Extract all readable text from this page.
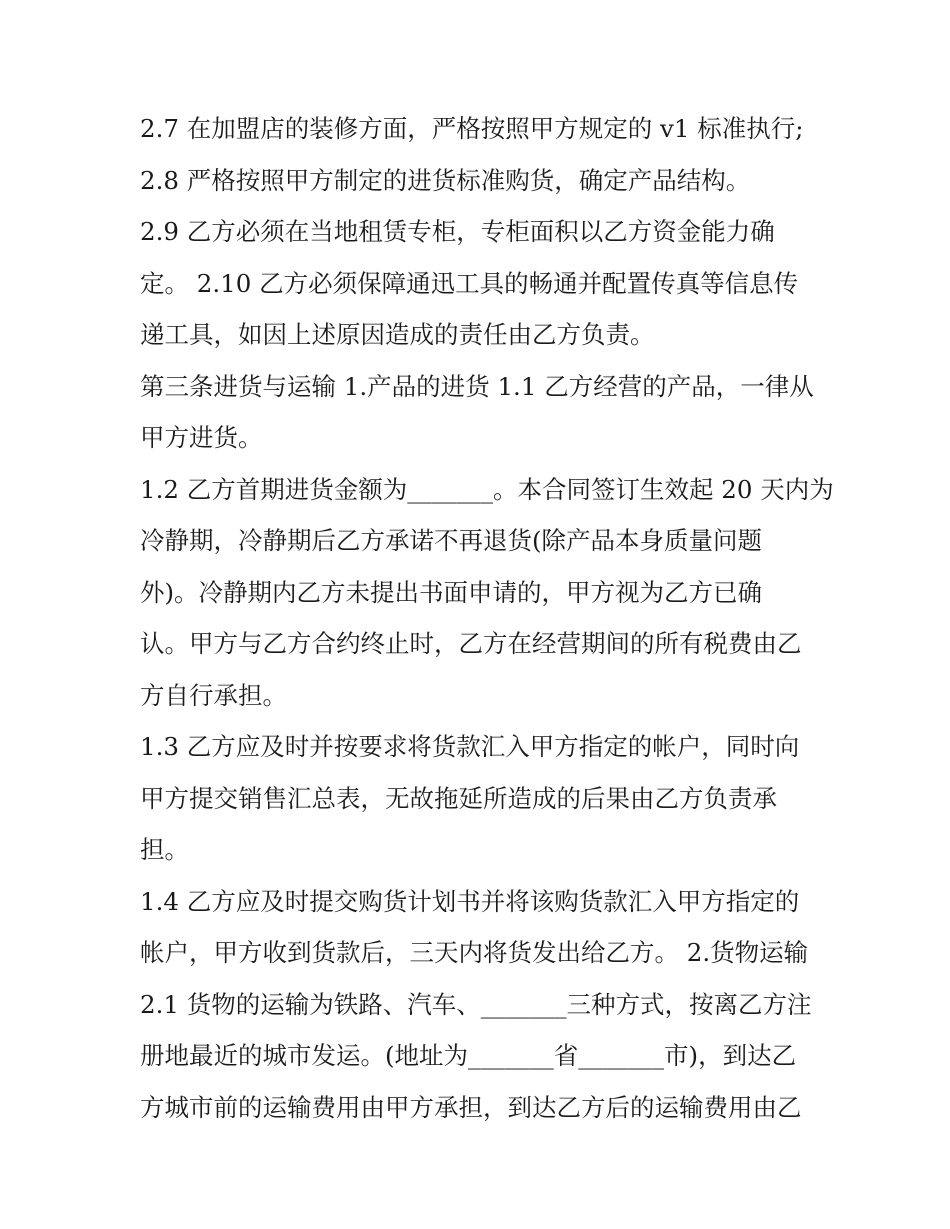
2.7 在加盟店的装修方面，严格按照甲方规定的 v1 标准执行;
2.8 严格按照甲方制定的进货标准购货，确定产品结构。
2.9 乙方必须在当地租赁专柜，专柜面积以乙方资金能力确
定。 2.10 乙方必须保障通迅工具的畅通并配置传真等信息传
递工具，如因上述原因造成的责任由乙方负责。
第三条进货与运输 1.产品的进货 1.1 乙方经营的产品，一律从
甲方进货。
1.2 乙方首期进货金额为_______。本合同签订生效起 20 天内为
冷静期，冷静期后乙方承诺不再退货(除产品本身质量问题
外)。冷静期内乙方未提出书面申请的，甲方视为乙方已确
认。甲方与乙方合约终止时，乙方在经营期间的所有税费由乙
方自行承担。
1.3 乙方应及时并按要求将货款汇入甲方指定的帐户，同时向
甲方提交销售汇总表，无故拖延所造成的后果由乙方负责承
担。
1.4 乙方应及时提交购货计划书并将该购货款汇入甲方指定的
帐户，甲方收到货款后，三天内将货发出给乙方。 2.货物运输
2.1 货物的运输为铁路、汽车、_______三种方式，按离乙方注
册地最近的城市发运。(地址为_______省_______市)，到达乙
方城市前的运输费用由甲方承担，到达乙方后的运输费用由乙
